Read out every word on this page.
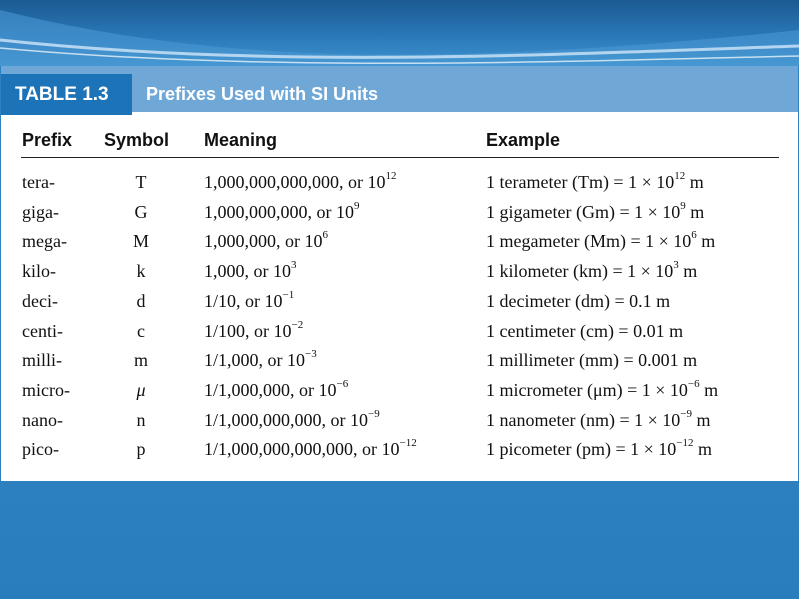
TABLE 1.3	Prefixes Used with SI Units
Prefix Symbol Meaning	Example
tera-	T	1,000,000,000,000, or $10^{12}$	1 terameter $(Tm) = 1 \times 10^{12}$ m
giga-	G	1,000,000,000, or $10^9$	1 gigameter $(Gm) = 1 \times 10^9$ m
mega-	M	1,000,000, or $10^6$	1 megameter $(Mm) = 1 \times 10^6$ m
kilo-	k	1,000, or $10^3$	1 kilometer $(km) = 1 \times 10^3$ m
deci-	d	1/10, or $10^{-1}$	1 decimeter (dm) = 0.1 m
centi-	c	1/100, or $10^{-2}$	1 centimeter (cm) = 0.01 m
milli-	m	1/1,000, or $10^{-3}$	1 millimeter (mm) = 0.001 m
micro-	μ	1/1,000,000, or $10^{-6}$	1 micrometer $(\mu m) = 1 \times 10^{-6}$ m
nano-	n	1/1,000,000,000, or $10^{-9}$	1 nanometer $(nm) = 1 \times 10^{-9}$ m
pico-	p	1/1,000,000,000,000, or $10^{-12}$	1 picometer $(pm) = 1 \times 10^{-12}$ m
